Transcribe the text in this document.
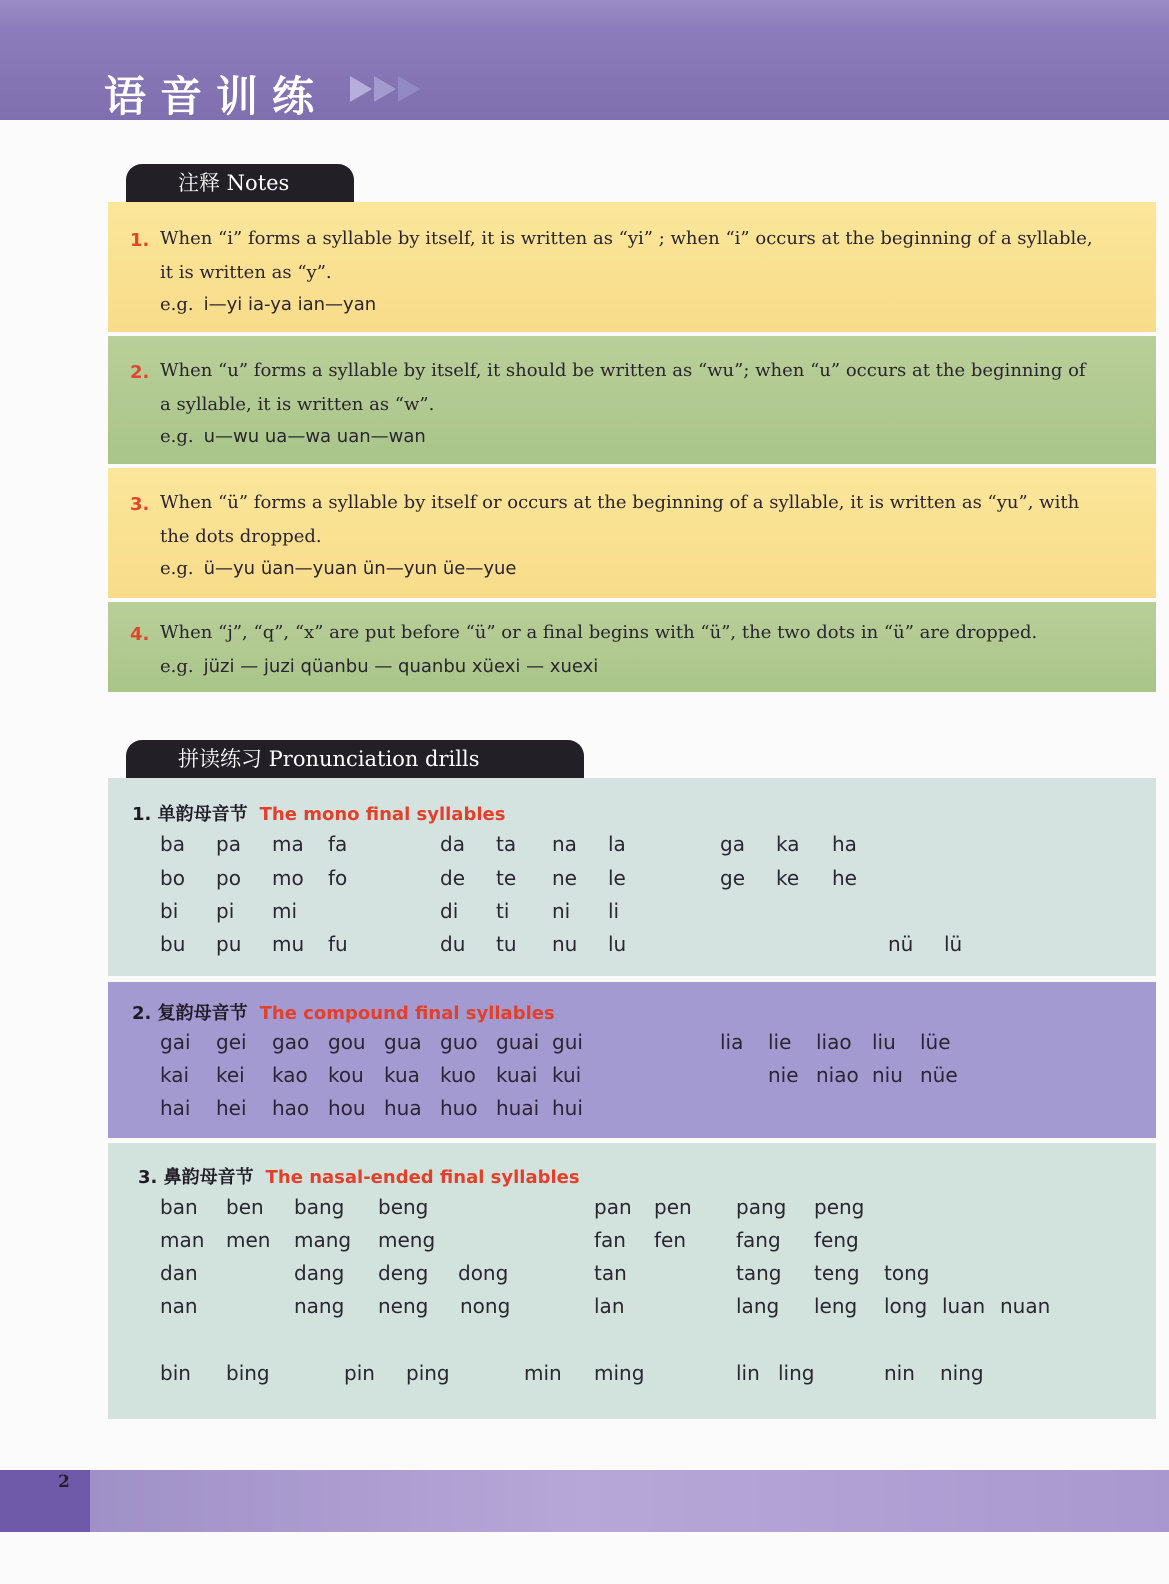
语音训练
注释 Notes
1. When “i” forms a syllable by itself, it is written as “yi” ; when “i” occurs at the beginning of a syllable,
it is written as “y”.
e.g. i—yi ia-ya ian—yan
2. When “u” forms a syllable by itself, it should be written as “wu”; when “u” occurs at the beginning of
a syllable, it is written as “w”.
e.g. u—wu ua—wa uan—wan
3. When “ü” forms a syllable by itself or occurs at the beginning of a syllable, it is written as “yu”, with
the dots dropped.
e.g. ü—yu üan—yuan ün—yun üe—yue
4. When “j”, “q”, “x” are put before “ü” or a final begins with “ü”, the two dots in “ü” are dropped.
e.g. jüzi — juzi qüanbu — quanbu xüexi — xuexi
拼读练习 Pronunciation drills
1. 单韵母音节 The mono final syllables
ba pa ma fa	da ta na la	ga ka ha
bo po mo fo	de te ne le	ge ke he
bi pi mi	di ti ni li
bu pu mu fu	du tu nu lu	nü lü
2. 复韵母音节 The compound final syllables
gai gei gao gou gua guo guai gui	lia lie liao liu lüe
kai kei kao kou kua kuo kuai kui	nie niao niu nüe
hai hei hao hou hua huo huai hui
3. 鼻韵母音节 The nasal-ended final syllables
ban ben bang beng	pan pen pang peng
man men mang meng	fan fen fang feng
dan	dang deng dong	tan	tang teng tong
nan	nang neng nong	lan	lang leng long luan nuan
bin bing	pin ping	min ming	lin ling	nin ning
2
